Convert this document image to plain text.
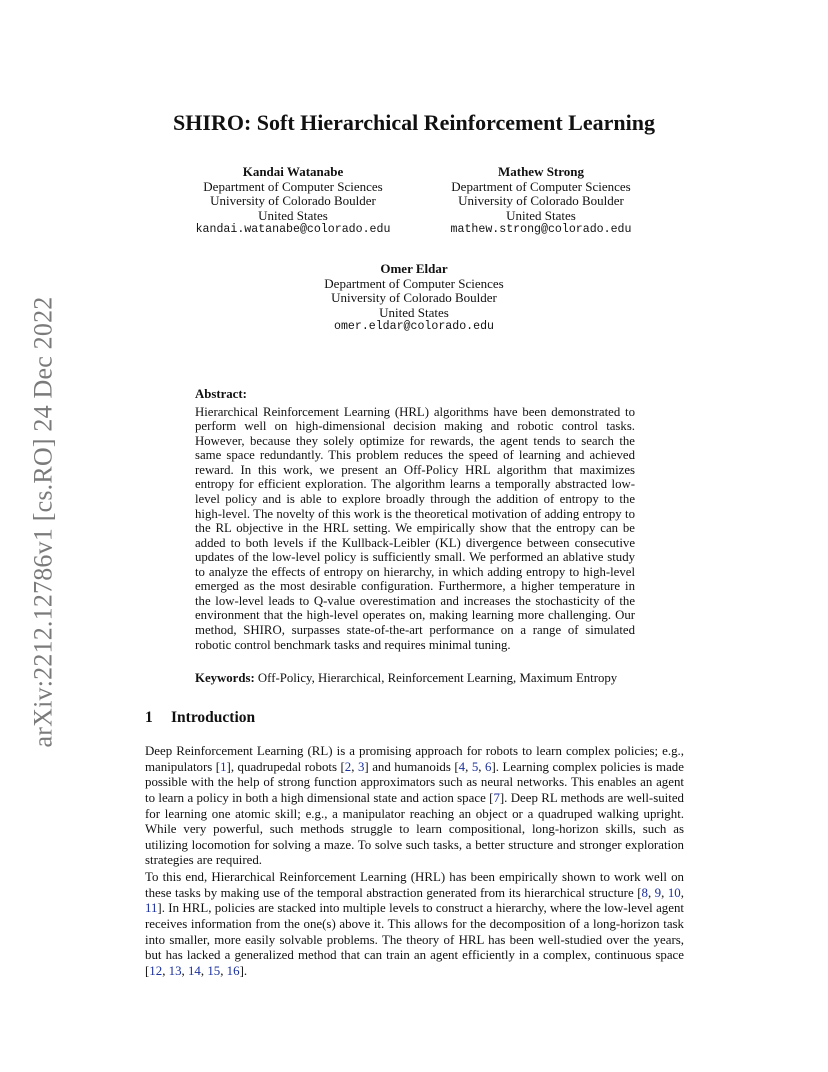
arXiv:2212.12786v1 [cs.RO] 24 Dec 2022
SHIRO: Soft Hierarchical Reinforcement Learning
Kandai Watanabe
Department of Computer Sciences
University of Colorado Boulder
United States
kandai.watanabe@colorado.edu
Mathew Strong
Department of Computer Sciences
University of Colorado Boulder
United States
mathew.strong@colorado.edu
Omer Eldar
Department of Computer Sciences
University of Colorado Boulder
United States
omer.eldar@colorado.edu
Abstract:
Hierarchical Reinforcement Learning (HRL) algorithms have been demonstrated to perform well on high-dimensional decision making and robotic control tasks. However, because they solely optimize for rewards, the agent tends to search the same space redundantly. This problem reduces the speed of learning and achieved reward. In this work, we present an Off-Policy HRL algorithm that maximizes entropy for efficient exploration. The algorithm learns a temporally abstracted low-level policy and is able to explore broadly through the addition of entropy to the high-level. The novelty of this work is the theoretical motivation of adding entropy to the RL objective in the HRL setting. We empirically show that the entropy can be added to both levels if the Kullback-Leibler (KL) divergence between consecutive updates of the low-level policy is sufficiently small. We performed an ablative study to analyze the effects of entropy on hierarchy, in which adding entropy to high-level emerged as the most desirable configuration. Furthermore, a higher temperature in the low-level leads to Q-value overestimation and increases the stochasticity of the environment that the high-level operates on, making learning more challenging. Our method, SHIRO, surpasses state-of-the-art performance on a range of simulated robotic control benchmark tasks and requires minimal tuning.
Keywords: Off-Policy, Hierarchical, Reinforcement Learning, Maximum Entropy
1 Introduction

Deep Reinforcement Learning (RL) is a promising approach for robots to learn complex policies; e.g., manipulators [1], quadrupedal robots [2, 3] and humanoids [4, 5, 6]. Learning complex policies is made possible with the help of strong function approximators such as neural networks. This enables an agent to learn a policy in both a high dimensional state and action space [7]. Deep RL methods are well-suited for learning one atomic skill; e.g., a manipulator reaching an object or a quadruped walking upright. While very powerful, such methods struggle to learn compositional, long-horizon skills, such as utilizing locomotion for solving a maze. To solve such tasks, a better structure and stronger exploration strategies are required.

To this end, Hierarchical Reinforcement Learning (HRL) has been empirically shown to work well on these tasks by making use of the temporal abstraction generated from its hierarchical structure [8, 9, 10, 11]. In HRL, policies are stacked into multiple levels to construct a hierarchy, where the low-level agent receives information from the one(s) above it. This allows for the decomposition of a long-horizon task into smaller, more easily solvable problems. The theory of HRL has been well-studied over the years, but has lacked a generalized method that can train an agent efficiently in a complex, continuous space [12, 13, 14, 15, 16].
